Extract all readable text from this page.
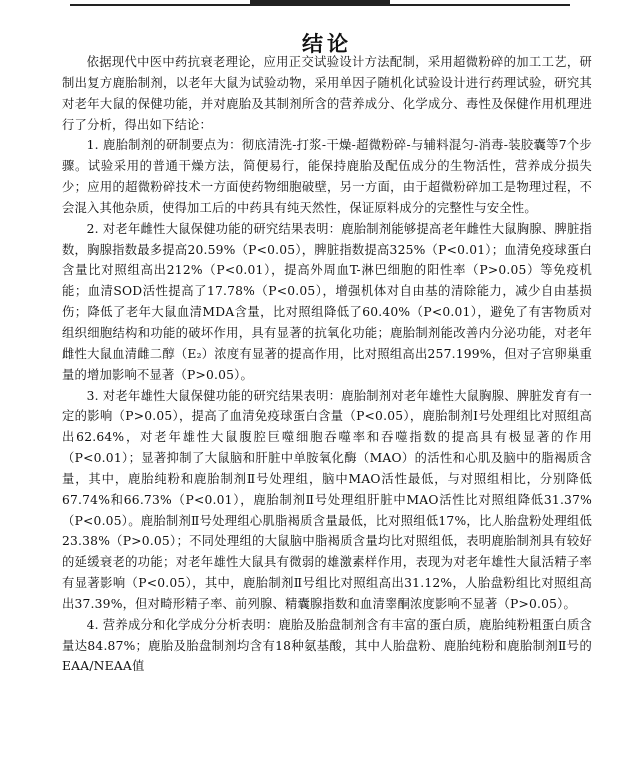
结论

依据现代中医中药抗衰老理论，应用正交试验设计方法配制，采用超微粉碎的加工工艺，研制出复方鹿胎制剂，以老年大鼠为试验动物，采用单因子随机化试验设计进行药理试验，研究其对老年大鼠的保健功能，并对鹿胎及其制剂所含的营养成分、化学成分、毒性及保健作用机理进行了分析，得出如下结论：

1. 鹿胎制剂的研制要点为：彻底清洗-打浆-干燥-超微粉碎-与辅料混匀-消毒-装胶囊等7个步骤。试验采用的普通干燥方法，简便易行，能保持鹿胎及配伍成分的生物活性，营养成分损失少；应用的超微粉碎技术一方面使药物细胞破壁，另一方面，由于超微粉碎加工是物理过程，不会混入其他杂质，使得加工后的中药具有纯天然性，保证原料成分的完整性与安全性。

2. 对老年雌性大鼠保健功能的研究结果表明：鹿胎制剂能够提高老年雌性大鼠胸腺、脾脏指数，胸腺指数最多提高20.59%（P<0.05），脾脏指数提高325%（P<0.01）；血清免疫球蛋白含量比对照组高出212%（P<0.01），提高外周血T-淋巴细胞的阳性率（P>0.05）等免疫机能；血清SOD活性提高了17.78%（P<0.05），增强机体对自由基的清除能力，减少自由基损伤；降低了老年大鼠血清MDA含量，比对照组降低了60.40%（P<0.01），避免了有害物质对组织细胞结构和功能的破坏作用，具有显著的抗氧化功能；鹿胎制剂能改善内分泌功能，对老年雌性大鼠血清雌二醇（E₂）浓度有显著的提高作用，比对照组高出257.199%，但对子宫卵巢重量的增加影响不显著（P>0.05）。

3. 对老年雄性大鼠保健功能的研究结果表明：鹿胎制剂对老年雄性大鼠胸腺、脾脏发育有一定的影响（P>0.05），提高了血清免疫球蛋白含量（P<0.05），鹿胎制剂Ⅰ号处理组比对照组高出62.64%，对老年雄性大鼠腹腔巨噬细胞吞噬率和吞噬指数的提高具有极显著的作用（P<0.01）；显著抑制了大鼠脑和肝脏中单胺氧化酶（MAO）的活性和心肌及脑中的脂褐质含量，其中，鹿胎纯粉和鹿胎制剂Ⅱ号处理组，脑中MAO活性最低，与对照组相比，分别降低67.74%和66.73%（P<0.01），鹿胎制剂Ⅱ号处理组肝脏中MAO活性比对照组降低31.37%（P<0.05）。鹿胎制剂Ⅱ号处理组心肌脂褐质含量最低，比对照组低17%，比人胎盘粉处理组低23.38%（P>0.05）；不同处理组的大鼠脑中脂褐质含量均比对照组低，表明鹿胎制剂具有较好的延缓衰老的功能；对老年雄性大鼠具有微弱的雄激素样作用，表现为对老年雄性大鼠活精子率有显著影响（P<0.05），其中，鹿胎制剂Ⅱ号组比对照组高出31.12%，人胎盘粉组比对照组高出37.39%，但对畸形精子率、前列腺、精囊腺指数和血清睾酮浓度影响不显著（P>0.05）。

4. 营养成分和化学成分分析表明：鹿胎及胎盘制剂含有丰富的蛋白质，鹿胎纯粉粗蛋白质含量达84.87%；鹿胎及胎盘制剂均含有18种氨基酸，其中人胎盘粉、鹿胎纯粉和鹿胎制剂Ⅱ号的EAA/NEAA值
